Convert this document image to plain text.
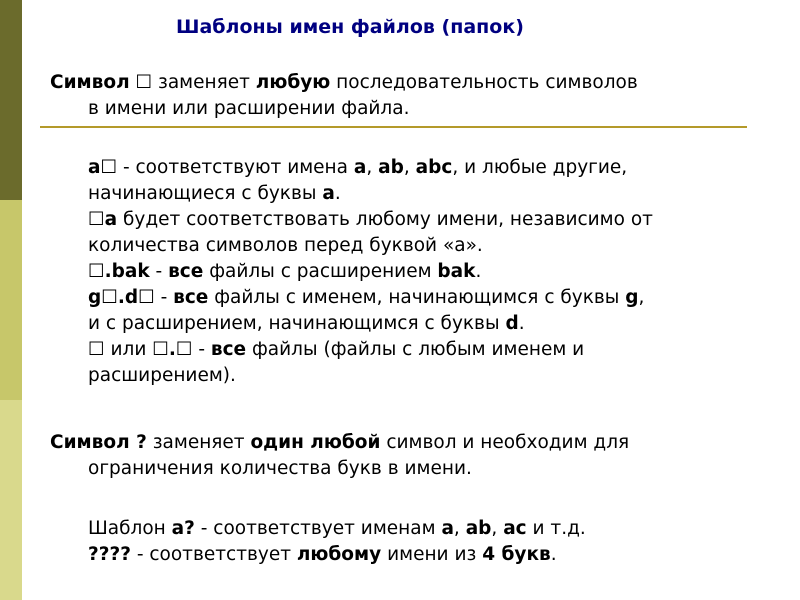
Шаблоны имен файлов (папок)
Символ ☐ заменяет любую последовательность символов
в имени или расширении файла.
a☐ - соответствуют имена a, ab, abc, и любые другие,
начинающиеся с буквы a.
☐a будет соответствовать любому имени, независимо от
количества символов перед буквой «а».
☐.bak - все файлы с расширением bak.
g☐.d☐ - все файлы с именем, начинающимся с буквы g,
и с расширением, начинающимся с буквы d.
☐ или ☐.☐ - все файлы (файлы с любым именем и
расширением).
Символ ? заменяет один любой символ и необходим для
ограничения количества букв в имени.
Шаблон а? - соответствует именам a, ab, ac и т.д.
???? - соответствует любому имени из 4 букв.
